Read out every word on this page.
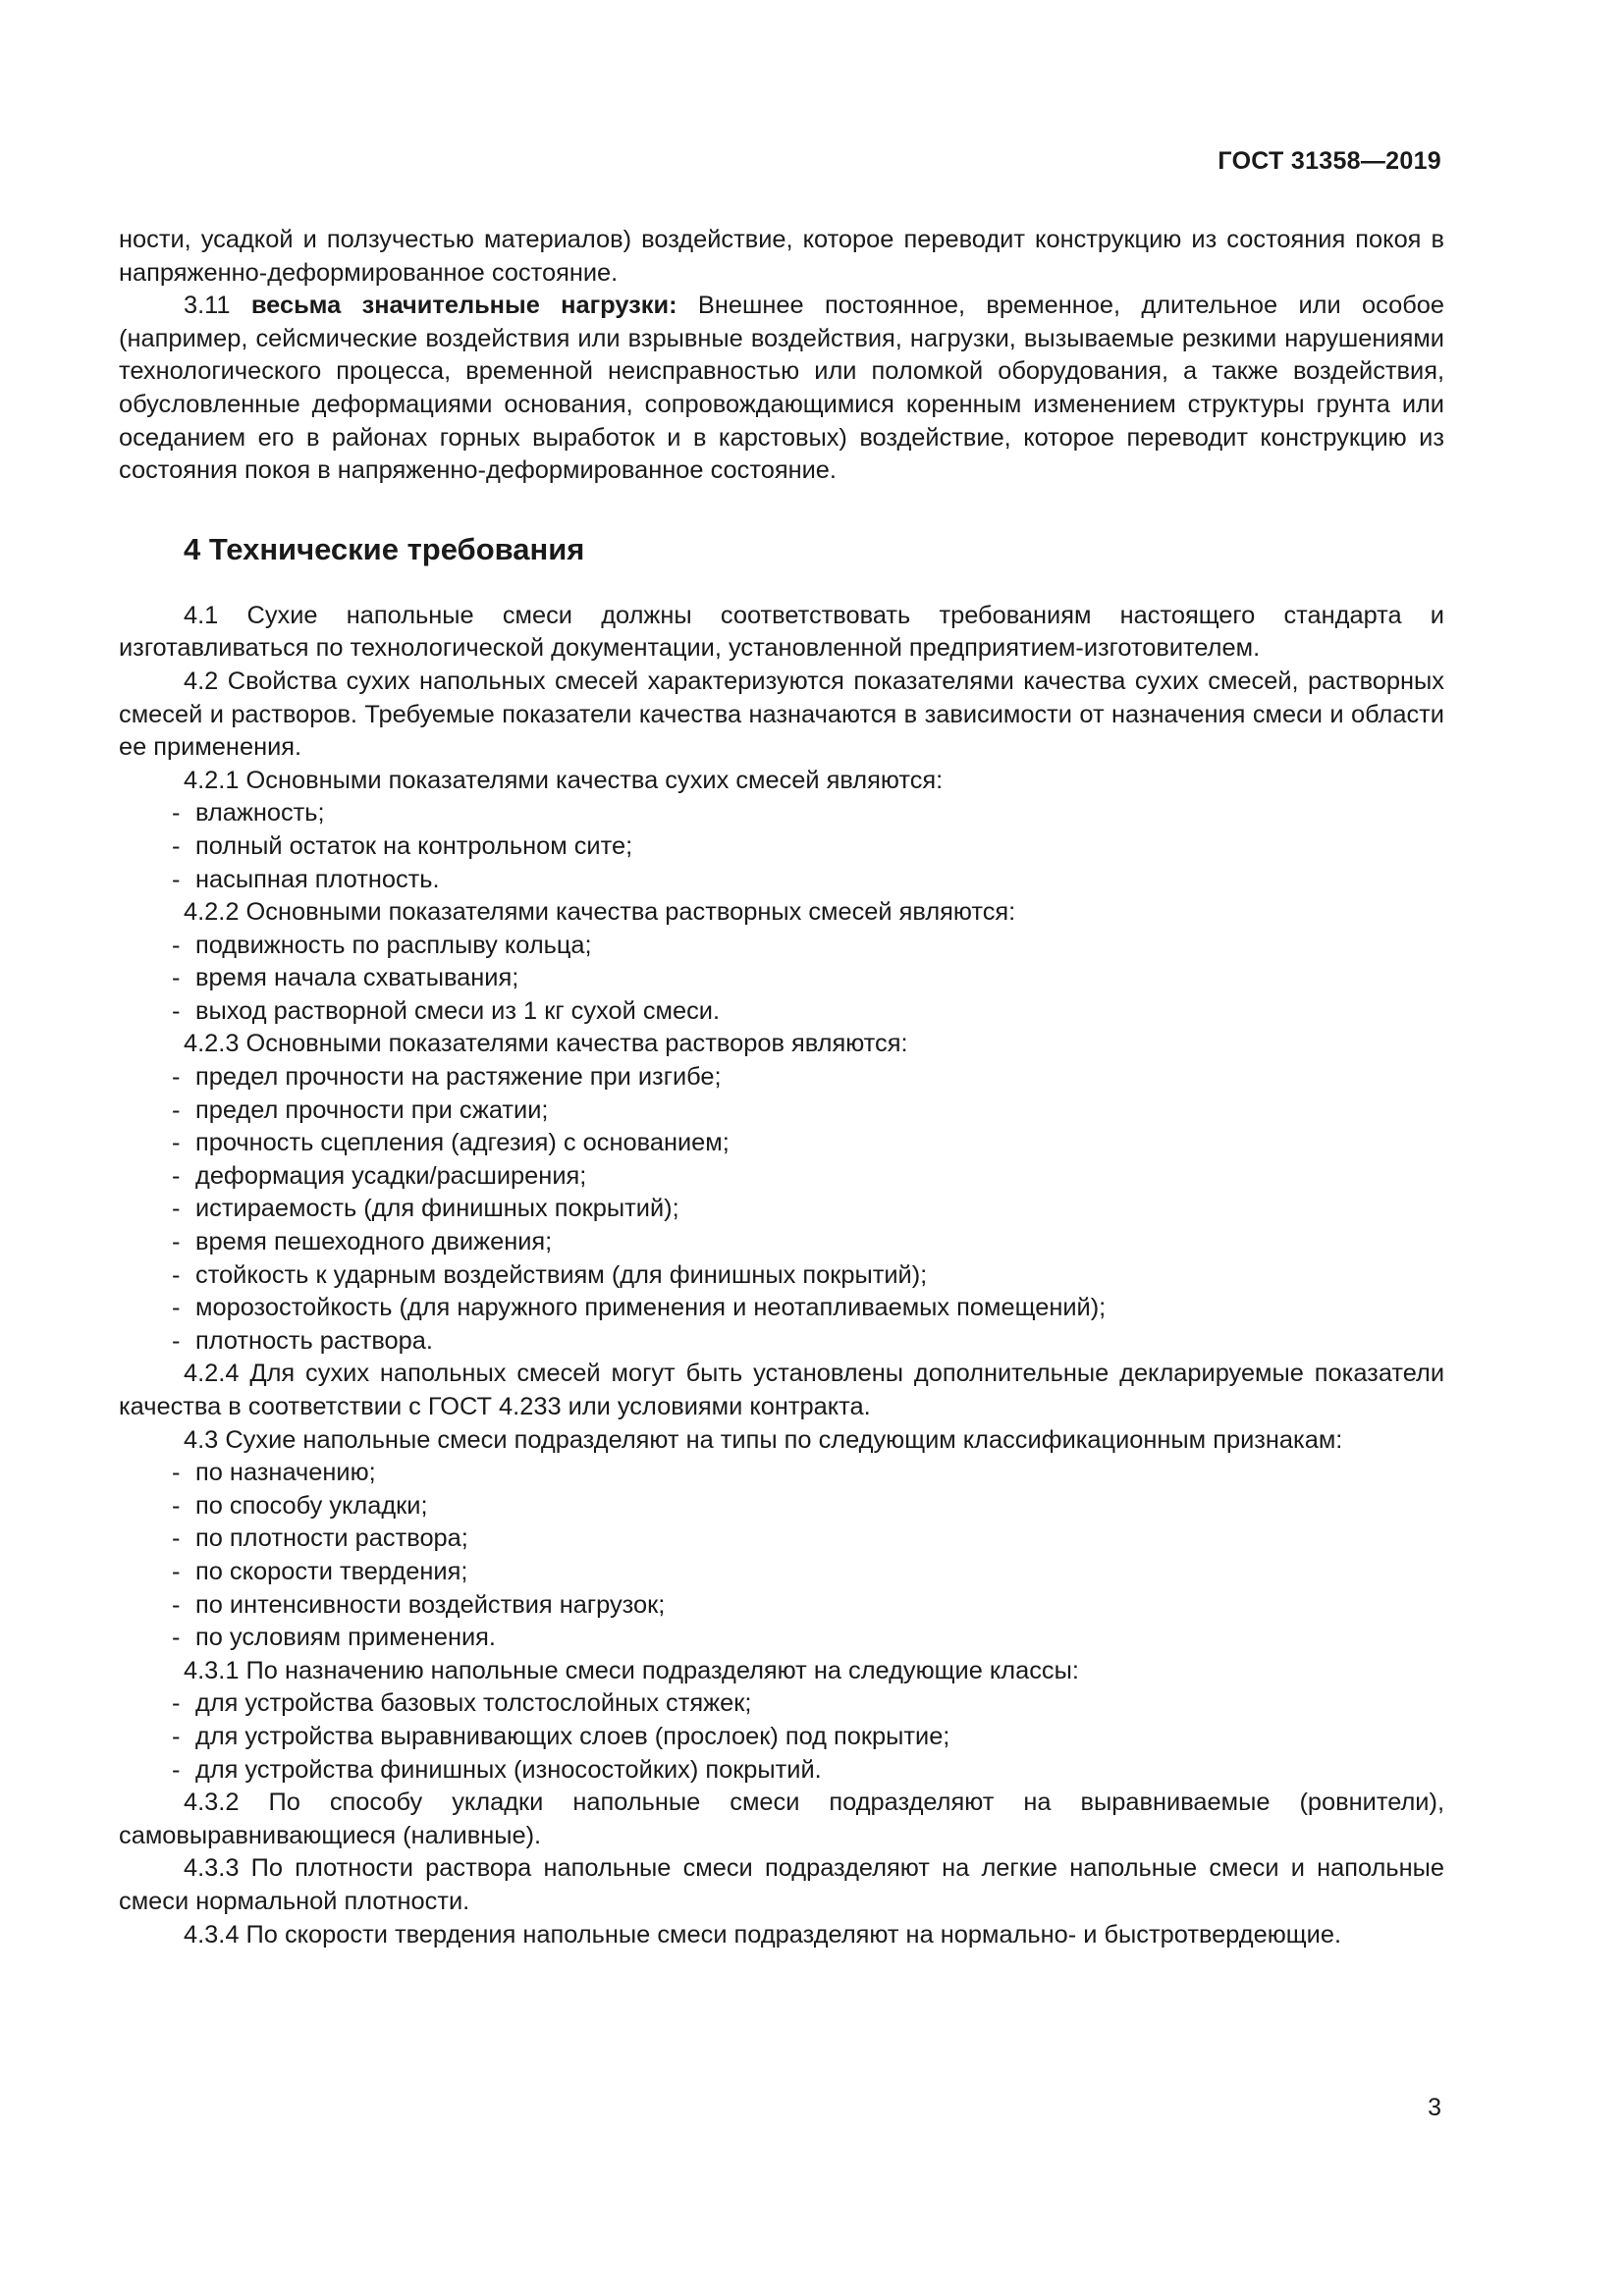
ГОСТ 31358—2019

ности, усадкой и ползучестью материалов) воздействие, которое переводит конструкцию из состояния покоя в напряженно-деформированное состояние.

3.11 весьма значительные нагрузки: Внешнее постоянное, временное, длительное или особое (например, сейсмические воздействия или взрывные воздействия, нагрузки, вызываемые резкими нарушениями технологического процесса, временной неисправностью или поломкой оборудования, а также воздействия, обусловленные деформациями основания, сопровождающимися коренным изменением структуры грунта или оседанием его в районах горных выработок и в карстовых) воздействие, которое переводит конструкцию из состояния покоя в напряженно-деформированное состояние.

4 Технические требования

4.1 Сухие напольные смеси должны соответствовать требованиям настоящего стандарта и изготавливаться по технологической документации, установленной предприятием-изготовителем.

4.2 Свойства сухих напольных смесей характеризуются показателями качества сухих смесей, растворных смесей и растворов. Требуемые показатели качества назначаются в зависимости от назначения смеси и области ее применения.

4.2.1 Основными показателями качества сухих смесей являются:

- влажность;

- полный остаток на контрольном сите;

- насыпная плотность.

4.2.2 Основными показателями качества растворных смесей являются:

- подвижность по расплыву кольца;

- время начала схватывания;

- выход растворной смеси из 1 кг сухой смеси.

4.2.3 Основными показателями качества растворов являются:

- предел прочности на растяжение при изгибе;

- предел прочности при сжатии;

- прочность сцепления (адгезия) с основанием;

- деформация усадки/расширения;

- истираемость (для финишных покрытий);

- время пешеходного движения;

- стойкость к ударным воздействиям (для финишных покрытий);

- морозостойкость (для наружного применения и неотапливаемых помещений);

- плотность раствора.

4.2.4 Для сухих напольных смесей могут быть установлены дополнительные декларируемые показатели качества в соответствии с ГОСТ 4.233 или условиями контракта.

4.3 Сухие напольные смеси подразделяют на типы по следующим классификационным признакам:

- по назначению;

- по способу укладки;

- по плотности раствора;

- по скорости твердения;

- по интенсивности воздействия нагрузок;

- по условиям применения.

4.3.1 По назначению напольные смеси подразделяют на следующие классы:

- для устройства базовых толстослойных стяжек;

- для устройства выравнивающих слоев (прослоек) под покрытие;

- для устройства финишных (износостойких) покрытий.

4.3.2 По способу укладки напольные смеси подразделяют на выравниваемые (ровнители), самовыравнивающиеся (наливные).

4.3.3 По плотности раствора напольные смеси подразделяют на легкие напольные смеси и напольные смеси нормальной плотности.

4.3.4 По скорости твердения напольные смеси подразделяют на нормально- и быстротвердеющие.

3
